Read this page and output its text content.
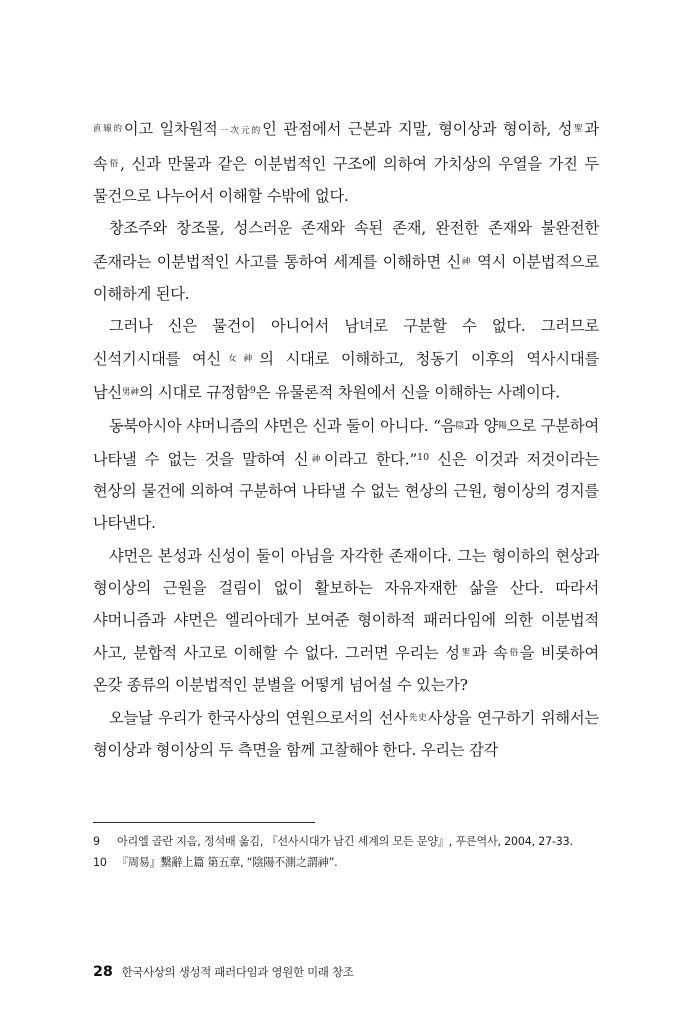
直線的이고 일차원적一次元的인 관점에서 근본과 지말, 형이상과 형이하, 성聖과 속俗, 신과 만물과 같은 이분법적인 구조에 의하여 가치상의 우열을 가진 두 물건으로 나누어서 이해할 수밖에 없다.

창조주와 창조물, 성스러운 존재와 속된 존재, 완전한 존재와 불완전한 존재라는 이분법적인 사고를 통하여 세계를 이해하면 신神 역시 이분법적으로 이해하게 된다.

그러나 신은 물건이 아니어서 남녀로 구분할 수 없다. 그러므로 신석기시대를 여신女神의 시대로 이해하고, 청동기 이후의 역사시대를 남신男神의 시대로 규정함$^9$은 유물론적 차원에서 신을 이해하는 사례이다.

동북아시아 샤머니즘의 샤먼은 신과 둘이 아니다. “음陰과 양陽으로 구분하여 나타낼 수 없는 것을 말하여 신神이라고 한다.”$^{10}$ 신은 이것과 저것이라는 현상의 물건에 의하여 구분하여 나타낼 수 없는 현상의 근원, 형이상의 경지를 나타낸다.

샤먼은 본성과 신성이 둘이 아님을 자각한 존재이다. 그는 형이하의 현상과 형이상의 근원을 걸림이 없이 활보하는 자유자재한 삶을 산다. 따라서 샤머니즘과 샤먼은 엘리아데가 보여준 형이하적 패러다임에 의한 이분법적 사고, 분합적 사고로 이해할 수 없다. 그러면 우리는 성聖과 속俗을 비롯하여 온갖 종류의 이분법적인 분별을 어떻게 넘어설 수 있는가?

오늘날 우리가 한국사상의 연원으로서의 선사先史사상을 연구하기 위해서는 형이상과 형이상의 두 측면을 함께 고찰해야 한다. 우리는 감각

9	아리엘 골란 지음, 정석배 옮김, 『선사시대가 남긴 세계의 모든 문양』, 푸른역사, 2004, 27-33.
10 『周易』繫辭上篇 第五章, “陰陽不測之謂神”.
28 한국사상의 생성적 패러다임과 영원한 미래 창조
